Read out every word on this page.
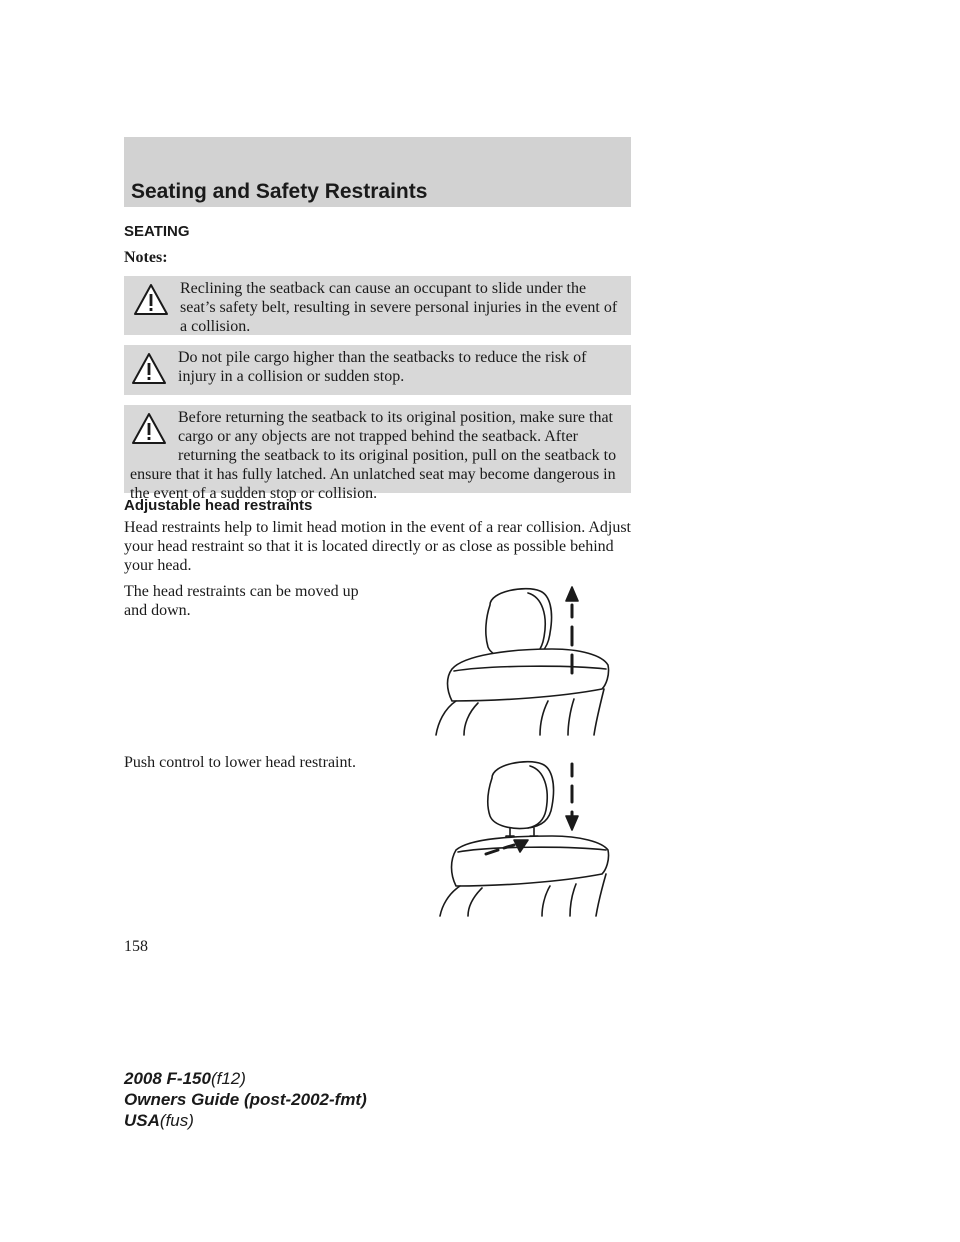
Seating and Safety Restraints
SEATING
Notes:
Reclining the seatback can cause an occupant to slide under the seat’s safety belt, resulting in severe personal injuries in the event of a collision.
Do not pile cargo higher than the seatbacks to reduce the risk of injury in a collision or sudden stop.
Before returning the seatback to its original position, make sure that cargo or any objects are not trapped behind the seatback. After returning the seatback to its original position, pull on the seatback to ensure that it has fully latched. An unlatched seat may become dangerous in the event of a sudden stop or collision.
Adjustable head restraints
Head restraints help to limit head motion in the event of a rear collision. Adjust your head restraint so that it is located directly or as close as possible behind your head.
The head restraints can be moved up and down.
Push control to lower head restraint.
158
2008 F-150(f12)
Owners Guide (post-2002-fmt)
USA(fus)
